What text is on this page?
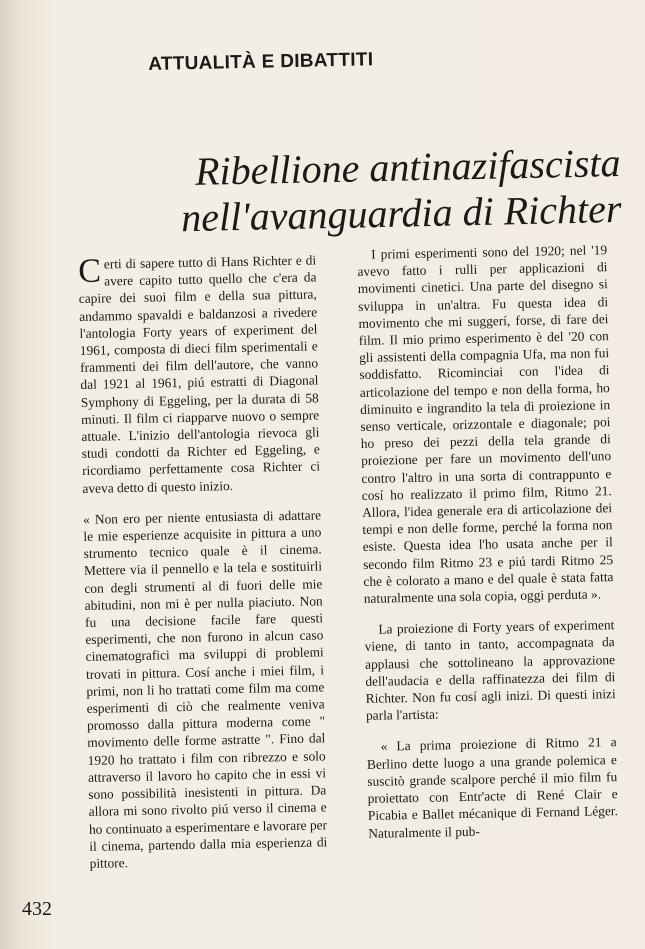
ATTUALITÀ E DIBATTITI
Ribellione antinazifascista
nell'avanguardia di Richter

Certi di sapere tutto di Hans Richter e di avere capito tutto quello che c'era da capire dei suoi film e della sua pittura, andammo spavaldi e baldanzosi a rivedere l'antologia Forty years of experiment del 1961, composta di dieci film sperimentali e frammenti dei film dell'autore, che vanno dal 1921 al 1961, piú estratti di Diagonal Symphony di Eggeling, per la durata di 58 minuti. Il film ci riapparve nuovo o sempre attuale. L'inizio dell'antologia rievoca gli studi condotti da Richter ed Eggeling, e ricordiamo perfettamente cosa Richter ci aveva detto di questo inizio.

« Non ero per niente entusiasta di adattare le mie esperienze acquisite in pittura a uno strumento tecnico quale è il cinema. Mettere via il pennello e la tela e sostituirli con degli strumenti al di fuori delle mie abitudini, non mi è per nulla piaciuto. Non fu una decisione facile fare questi esperimenti, che non furono in alcun caso cinematografici ma sviluppi di problemi trovati in pittura. Cosí anche i miei film, i primi, non li ho trattati come film ma come esperimenti di ciò che realmente veniva promosso dalla pittura moderna come " movimento delle forme astratte ". Fino dal 1920 ho trattato i film con ribrezzo e solo attraverso il lavoro ho capito che in essi vi sono possibilità inesistenti in pittura. Da allora mi sono rivolto piú verso il cinema e ho continuato a esperimentare e lavorare per il cinema, partendo dalla mia esperienza di pittore.

I primi esperimenti sono del 1920; nel '19 avevo fatto i rulli per applicazioni di movimenti cinetici. Una parte del disegno si sviluppa in un'altra. Fu questa idea di movimento che mi suggerí, forse, di fare dei film. Il mio primo esperimento è del '20 con gli assistenti della compagnia Ufa, ma non fui soddisfatto. Ricominciai con l'idea di articolazione del tempo e non della forma, ho diminuito e ingrandito la tela di proiezione in senso verticale, orizzontale e diagonale; poi ho preso dei pezzi della tela grande di proiezione per fare un movimento dell'uno contro l'altro in una sorta di contrappunto e cosí ho realizzato il primo film, Ritmo 21. Allora, l'idea generale era di articolazione dei tempi e non delle forme, perché la forma non esiste. Questa idea l'ho usata anche per il secondo film Ritmo 23 e piú tardi Ritmo 25 che è colorato a mano e del quale è stata fatta naturalmente una sola copia, oggi perduta ».

La proiezione di Forty years of experiment viene, di tanto in tanto, accompagnata da applausi che sottolineano la approvazione dell'audacia e della raffinatezza dei film di Richter. Non fu cosí agli inizi. Di questi inizi parla l'artista:

« La prima proiezione di Ritmo 21 a Berlino dette luogo a una grande polemica e suscitò grande scalpore perché il mio film fu proiettato con Entr'acte di René Clair e Picabia e Ballet mécanique di Fernand Léger. Naturalmente il pub-

432
